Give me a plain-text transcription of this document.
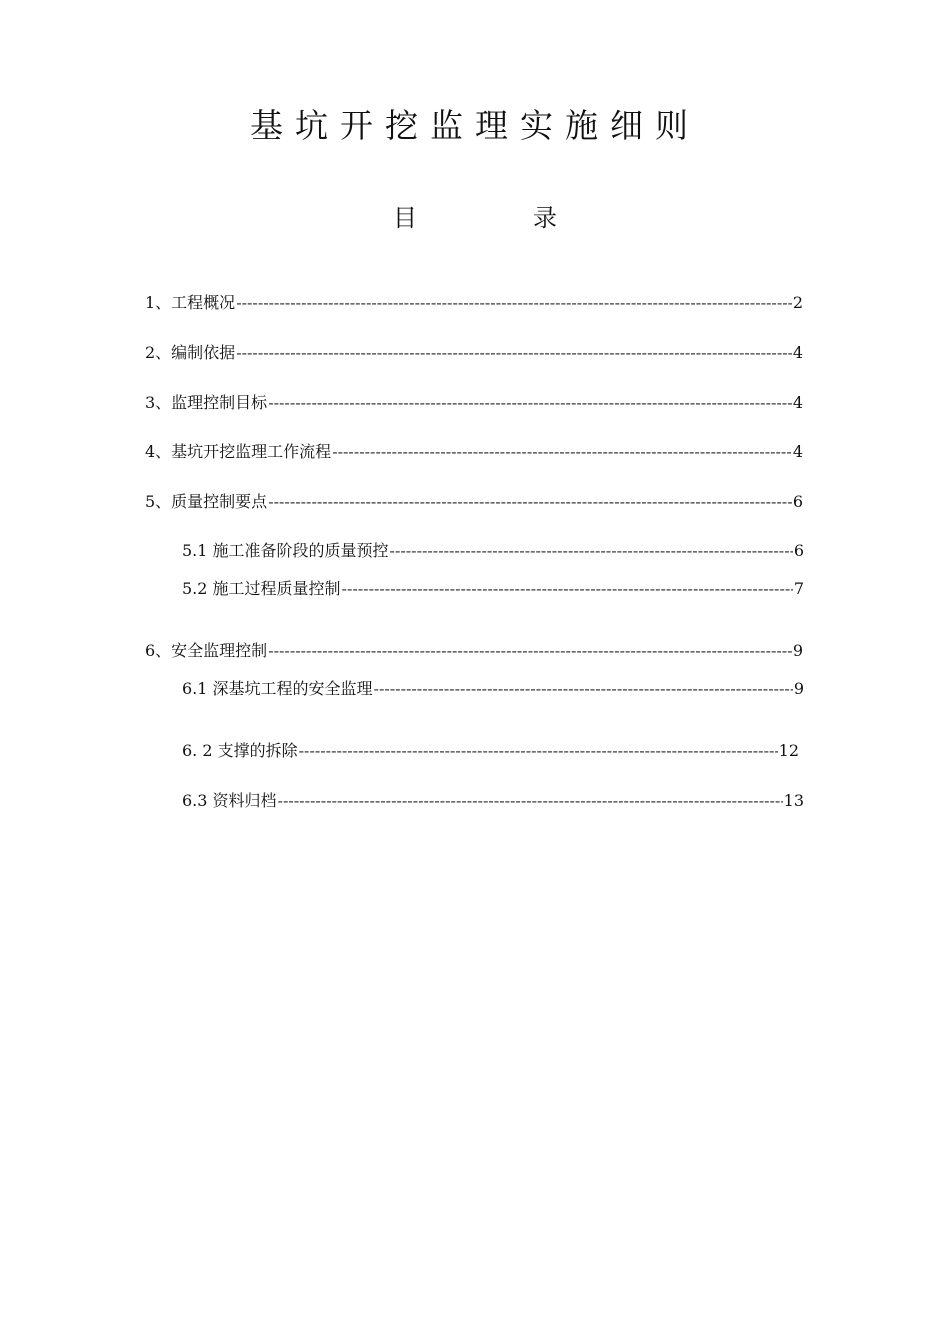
基坑开挖监理实施细则
目	录
1、工程概况 -----	2
2、编制依据 -----	4
3、监理控制目标 -----	4
4、基坑开挖监理工作流程 -----	4
5、质量控制要点 -----	6
5.1 施工准备阶段的质量预控 -----	6
5.2 施工过程质量控制 -----	7
6、安全监理控制 -----	9
6.1 深基坑工程的安全监理 -----	9
6. 2 支撑的拆除 -----	12
6.3 资料归档 -----	13
